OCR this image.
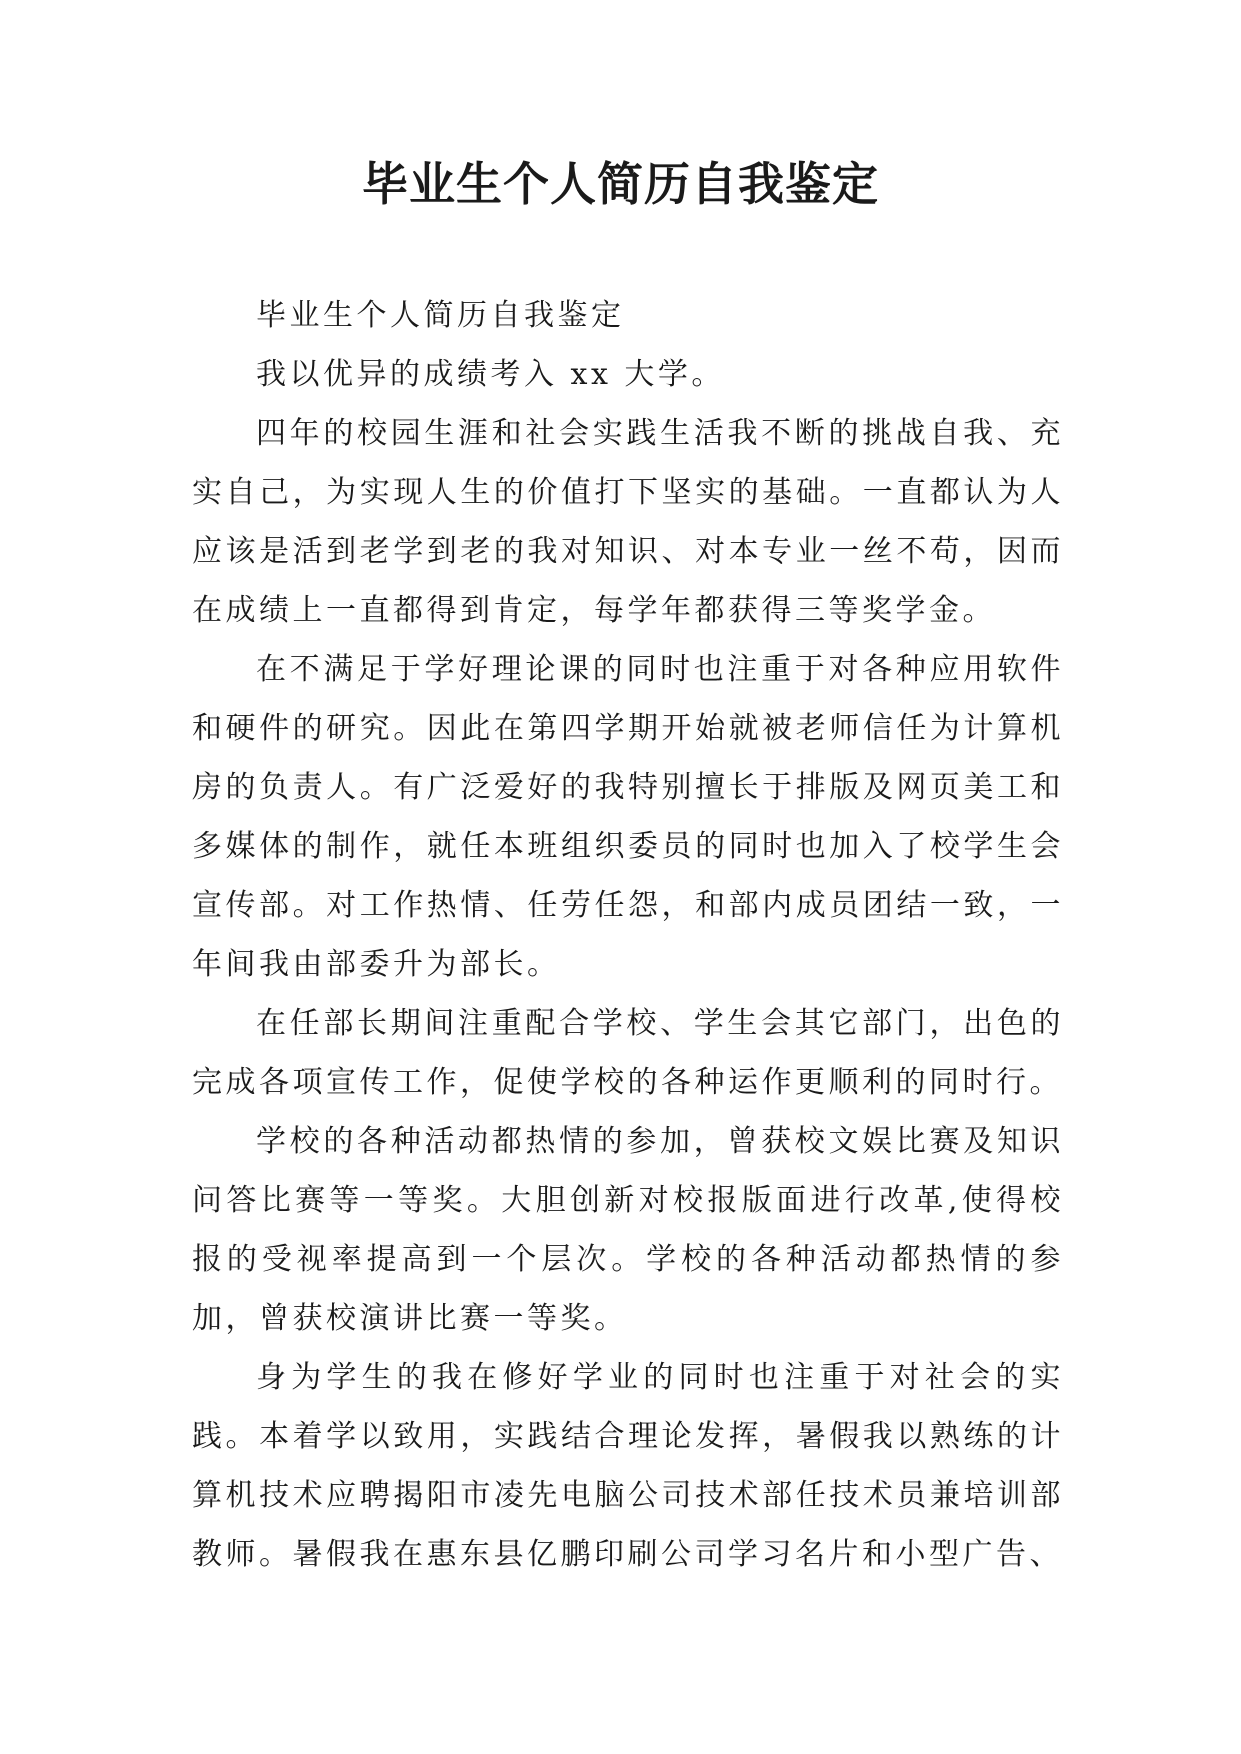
毕业生个人简历自我鉴定

毕业生个人简历自我鉴定

我以优异的成绩考入 xx 大学。

四年的校园生涯和社会实践生活我不断的挑战自我、充实自己，为实现人生的价值打下坚实的基础。一直都认为人应该是活到老学到老的我对知识、对本专业一丝不苟，因而在成绩上一直都得到肯定，每学年都获得三等奖学金。

在不满足于学好理论课的同时也注重于对各种应用软件和硬件的研究。因此在第四学期开始就被老师信任为计算机房的负责人。有广泛爱好的我特别擅长于排版及网页美工和多媒体的制作，就任本班组织委员的同时也加入了校学生会宣传部。对工作热情、任劳任怨，和部内成员团结一致，一年间我由部委升为部长。

在任部长期间注重配合学校、学生会其它部门，出色的完成各项宣传工作，促使学校的各种运作更顺利的同时行。

学校的各种活动都热情的参加，曾获校文娱比赛及知识问答比赛等一等奖。大胆创新对校报版面进行改革,使得校报的受视率提高到一个层次。学校的各种活动都热情的参加，曾获校演讲比赛一等奖。

身为学生的我在修好学业的同时也注重于对社会的实践。本着学以致用，实践结合理论发挥，暑假我以熟练的计算机技术应聘揭阳市凌先电脑公司技术部任技术员兼培训部教师。暑假我在惠东县亿鹏印刷公司学习名片和小型广告、
